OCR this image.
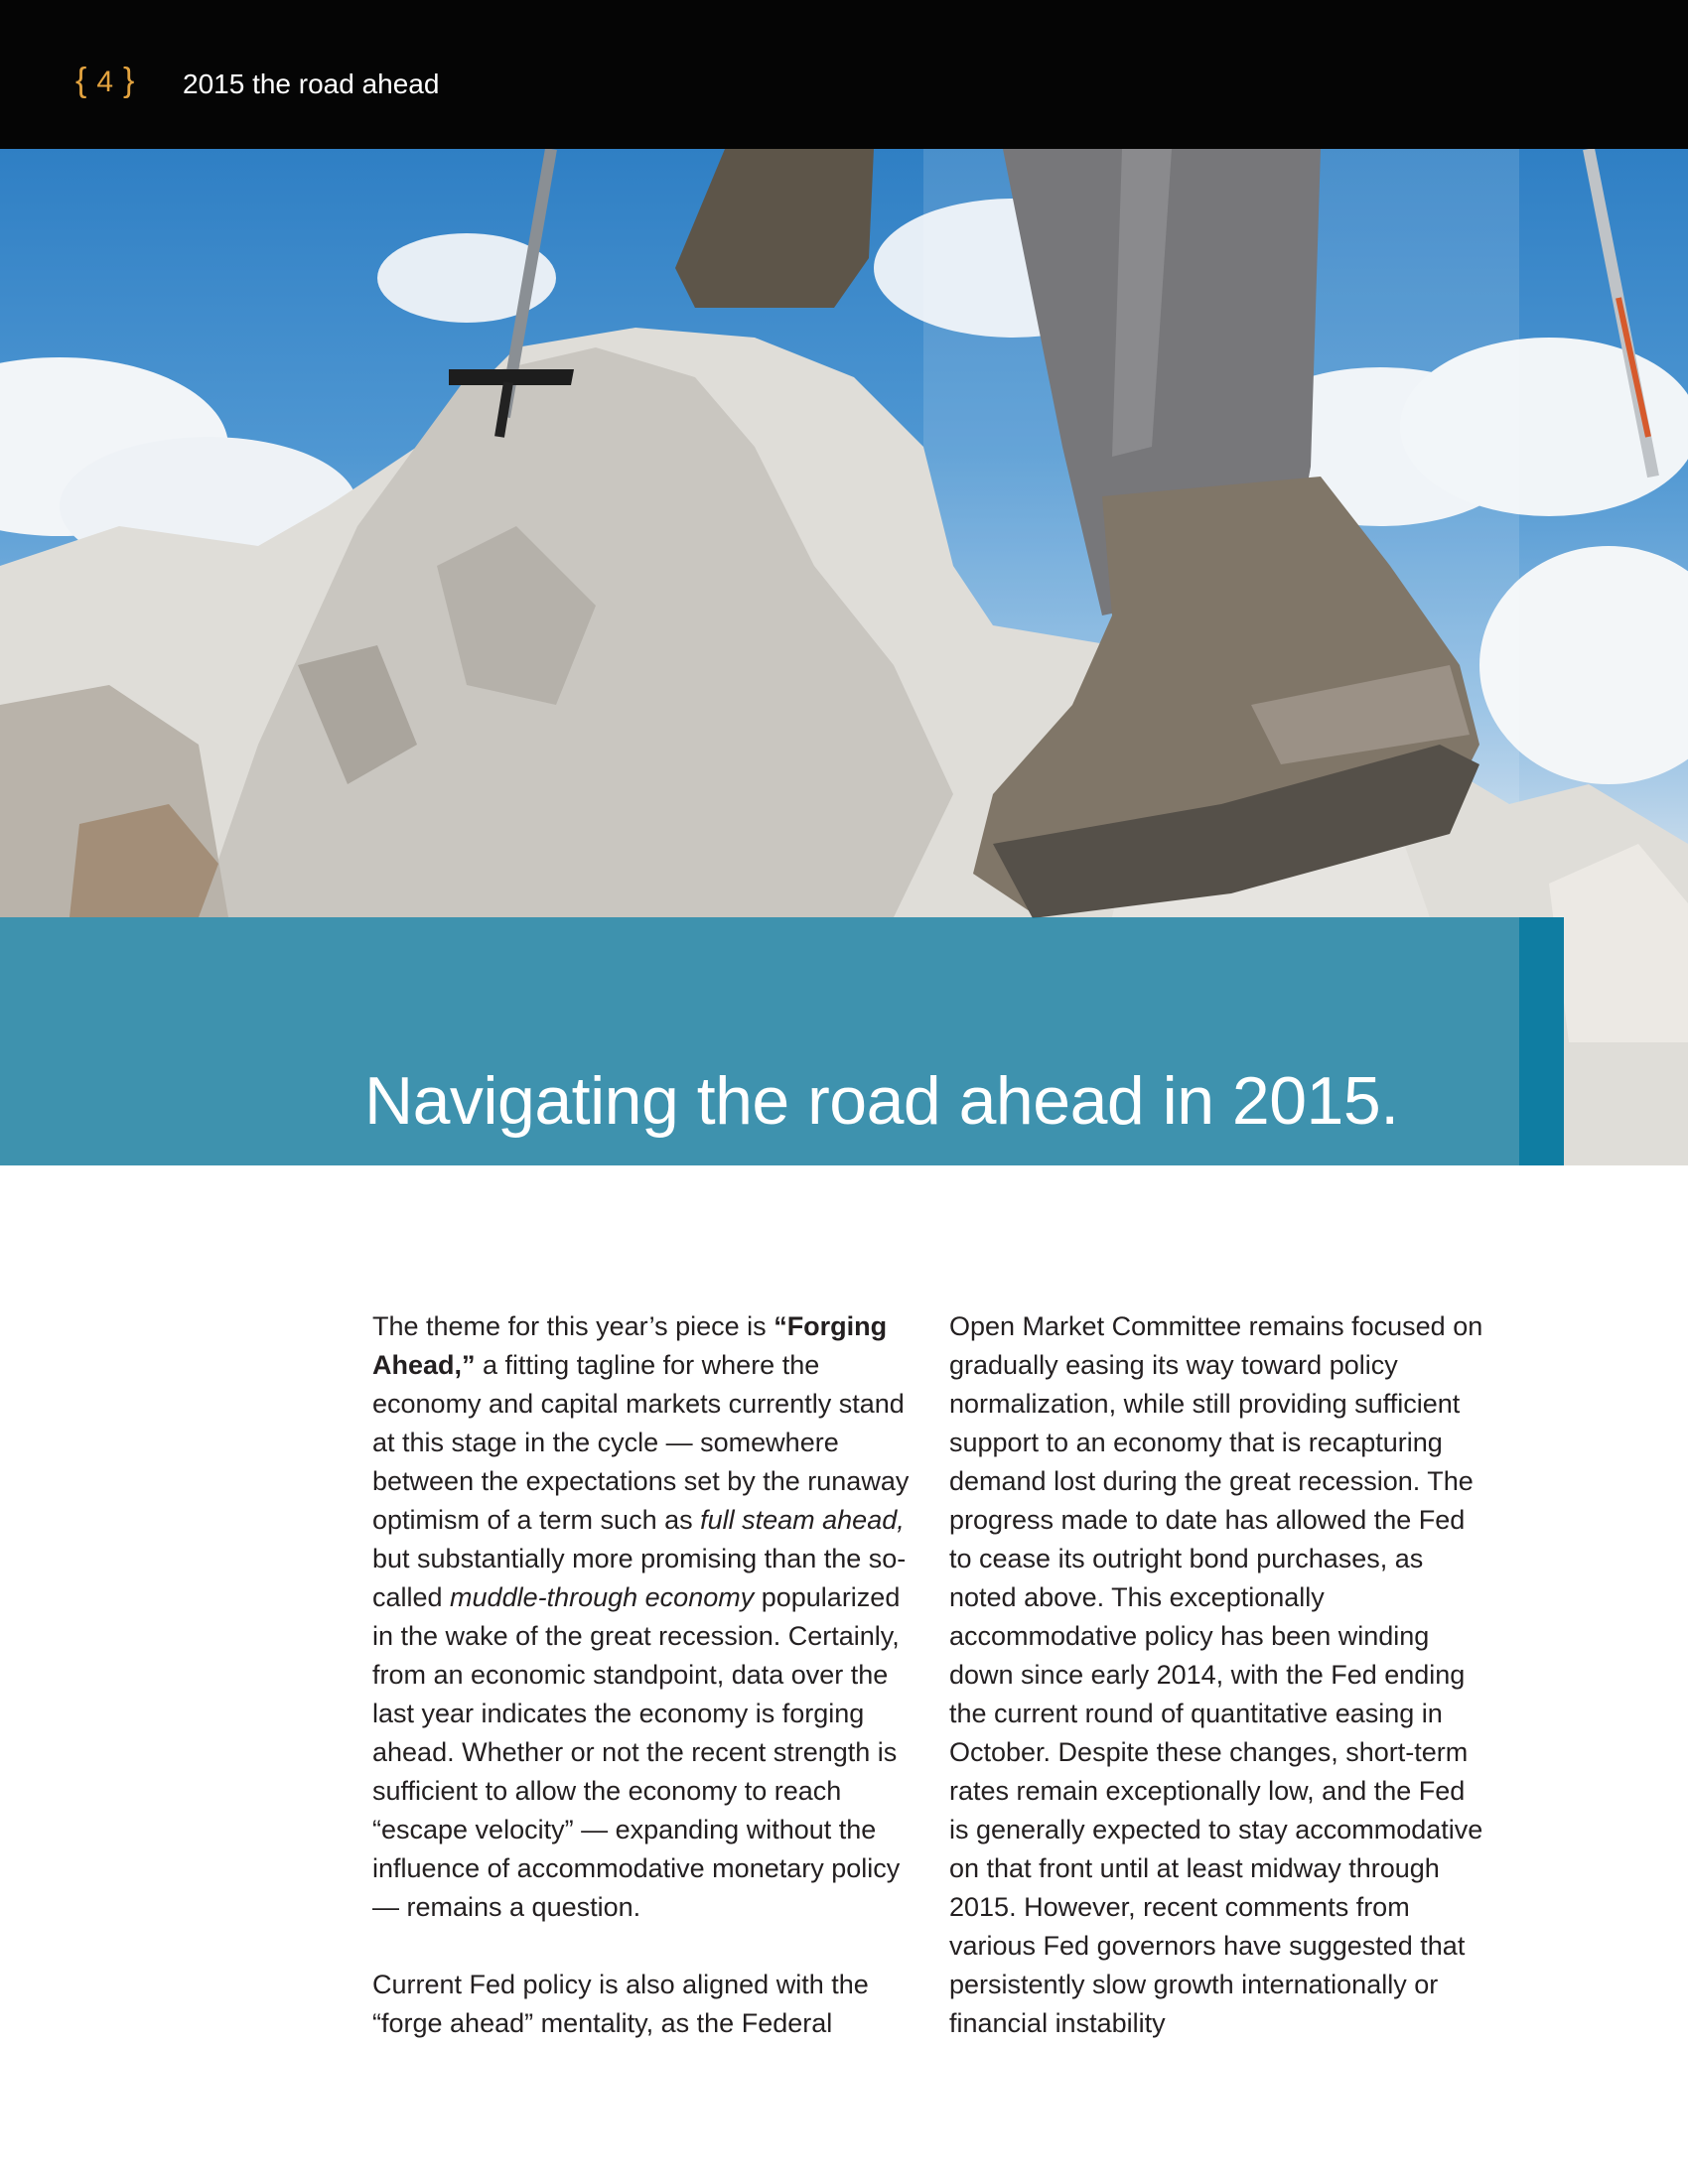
{ 4 } 2015 the road ahead
Navigating the road ahead in 2015.

The theme for this year’s piece is “Forging Ahead,” a fitting tagline for where the economy and capital markets currently stand at this stage in the cycle — somewhere between the expectations set by the runaway optimism of a term such as full steam ahead, but substantially more promising than the so-called muddle-through economy popularized in the wake of the great recession. Certainly, from an economic standpoint, data over the last year indicates the economy is forging ahead. Whether or not the recent strength is sufficient to allow the economy to reach “escape velocity” — expanding without the influence of accommodative monetary policy — remains a question.

Current Fed policy is also aligned with the “forge ahead” mentality, as the Federal

Open Market Committee remains focused on gradually easing its way toward policy normalization, while still providing sufficient support to an economy that is recapturing demand lost during the great recession. The progress made to date has allowed the Fed to cease its outright bond purchases, as noted above. This exceptionally accommodative policy has been winding down since early 2014, with the Fed ending the current round of quantitative easing in October. Despite these changes, short-term rates remain exceptionally low, and the Fed is generally expected to stay accommodative on that front until at least midway through 2015. However, recent comments from various Fed governors have suggested that persistently slow growth internationally or financial instability
